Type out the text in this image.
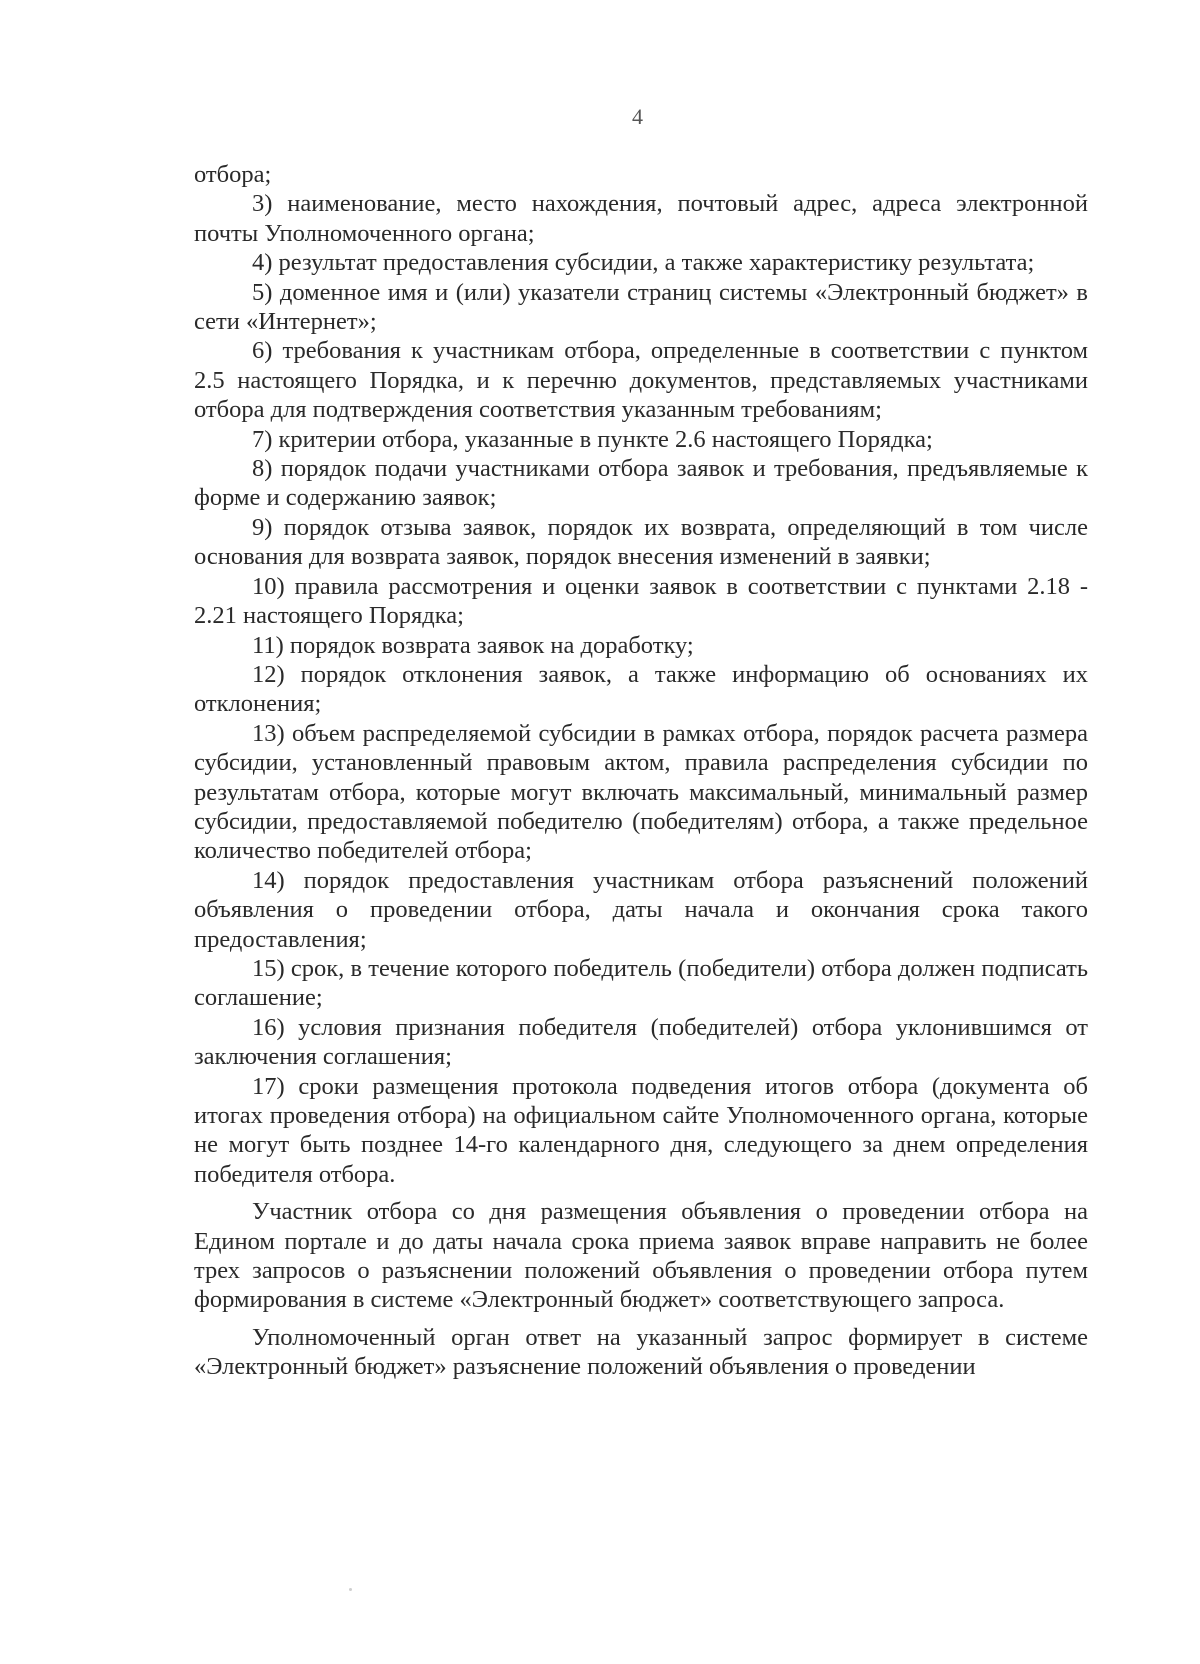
4

отбора;

3) наименование, место нахождения, почтовый адрес, адреса электронной почты Уполномоченного органа;

4) результат предоставления субсидии, а также характеристику результата;

5) доменное имя и (или) указатели страниц системы «Электронный бюджет» в сети «Интернет»;

6) требования к участникам отбора, определенные в соответствии с пунктом 2.5 настоящего Порядка, и к перечню документов, представляемых участниками отбора для подтверждения соответствия указанным требованиям;

7) критерии отбора, указанные в пункте 2.6 настоящего Порядка;

8) порядок подачи участниками отбора заявок и требования, предъявляемые к форме и содержанию заявок;

9) порядок отзыва заявок, порядок их возврата, определяющий в том числе основания для возврата заявок, порядок внесения изменений в заявки;

10) правила рассмотрения и оценки заявок в соответствии с пунктами 2.18 - 2.21 настоящего Порядка;

11) порядок возврата заявок на доработку;

12) порядок отклонения заявок, а также информацию об основаниях их отклонения;

13) объем распределяемой субсидии в рамках отбора, порядок расчета размера субсидии, установленный правовым актом, правила распределения субсидии по результатам отбора, которые могут включать максимальный, минимальный размер субсидии, предоставляемой победителю (победителям) отбора, а также предельное количество победителей отбора;

14) порядок предоставления участникам отбора разъяснений положений объявления о проведении отбора, даты начала и окончания срока такого предоставления;

15) срок, в течение которого победитель (победители) отбора должен подписать соглашение;

16) условия признания победителя (победителей) отбора уклонившимся от заключения соглашения;

17) сроки размещения протокола подведения итогов отбора (документа об итогах проведения отбора) на официальном сайте Уполномоченного органа, которые не могут быть позднее 14-го календарного дня, следующего за днем определения победителя отбора.

Участник отбора со дня размещения объявления о проведении отбора на Едином портале и до даты начала срока приема заявок вправе направить не более трех запросов о разъяснении положений объявления о проведении отбора путем формирования в системе «Электронный бюджет» соответствующего запроса.

Уполномоченный орган ответ на указанный запрос формирует в системе «Электронный бюджет» разъяснение положений объявления о проведении
